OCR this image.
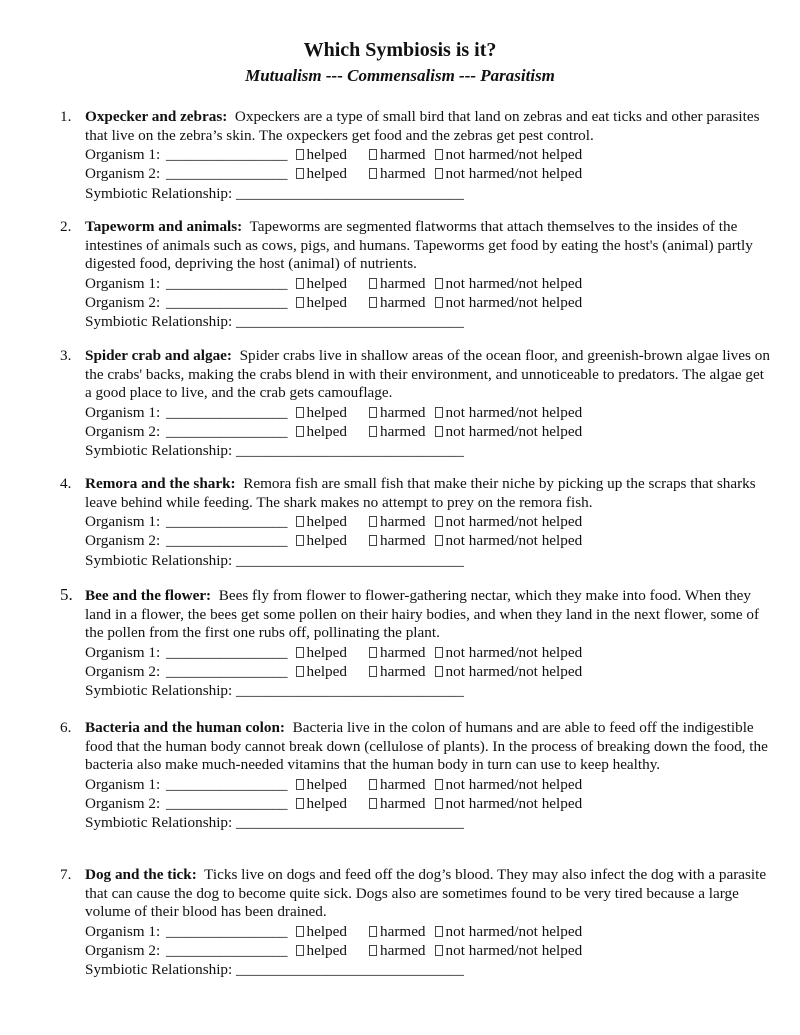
Which Symbiosis is it?
Mutualism --- Commensalism --- Parasitism
1. Oxpecker and zebras: Oxpeckers are a type of small bird that land on zebras and eat ticks and other parasites that live on the zebra’s skin. The oxpeckers get food and the zebras get pest control.
Organism 1: ________________ helped harmed not harmed/not helped
Organism 2: ________________ helped harmed not harmed/not helped
Symbiotic Relationship: ______________________________
2. Tapeworm and animals: Tapeworms are segmented flatworms that attach themselves to the insides of the intestines of animals such as cows, pigs, and humans. Tapeworms get food by eating the host's (animal) partly digested food, depriving the host (animal) of nutrients.
Organism 1: ________________ helped harmed not harmed/not helped
Organism 2: ________________ helped harmed not harmed/not helped
Symbiotic Relationship: ______________________________
3. Spider crab and algae: Spider crabs live in shallow areas of the ocean floor, and greenish-brown algae lives on the crabs' backs, making the crabs blend in with their environment, and unnoticeable to predators. The algae get a good place to live, and the crab gets camouflage.
Organism 1: ________________ helped harmed not harmed/not helped
Organism 2: ________________ helped harmed not harmed/not helped
Symbiotic Relationship: ______________________________
4. Remora and the shark: Remora fish are small fish that make their niche by picking up the scraps that sharks leave behind while feeding. The shark makes no attempt to prey on the remora fish.
Organism 1: ________________ helped harmed not harmed/not helped
Organism 2: ________________ helped harmed not harmed/not helped
Symbiotic Relationship: ______________________________
5. Bee and the flower: Bees fly from flower to flower-gathering nectar, which they make into food. When they land in a flower, the bees get some pollen on their hairy bodies, and when they land in the next flower, some of the pollen from the first one rubs off, pollinating the plant.
Organism 1: ________________ helped harmed not harmed/not helped
Organism 2: ________________ helped harmed not harmed/not helped
Symbiotic Relationship: ______________________________
6. Bacteria and the human colon: Bacteria live in the colon of humans and are able to feed off the indigestible food that the human body cannot break down (cellulose of plants). In the process of breaking down the food, the bacteria also make much-needed vitamins that the human body in turn can use to keep healthy.
Organism 1: ________________ helped harmed not harmed/not helped
Organism 2: ________________ helped harmed not harmed/not helped
Symbiotic Relationship: ______________________________
7. Dog and the tick: Ticks live on dogs and feed off the dog’s blood. They may also infect the dog with a parasite that can cause the dog to become quite sick. Dogs also are sometimes found to be very tired because a large volume of their blood has been drained.
Organism 1: ________________ helped harmed not harmed/not helped
Organism 2: ________________ helped harmed not harmed/not helped
Symbiotic Relationship: ______________________________
